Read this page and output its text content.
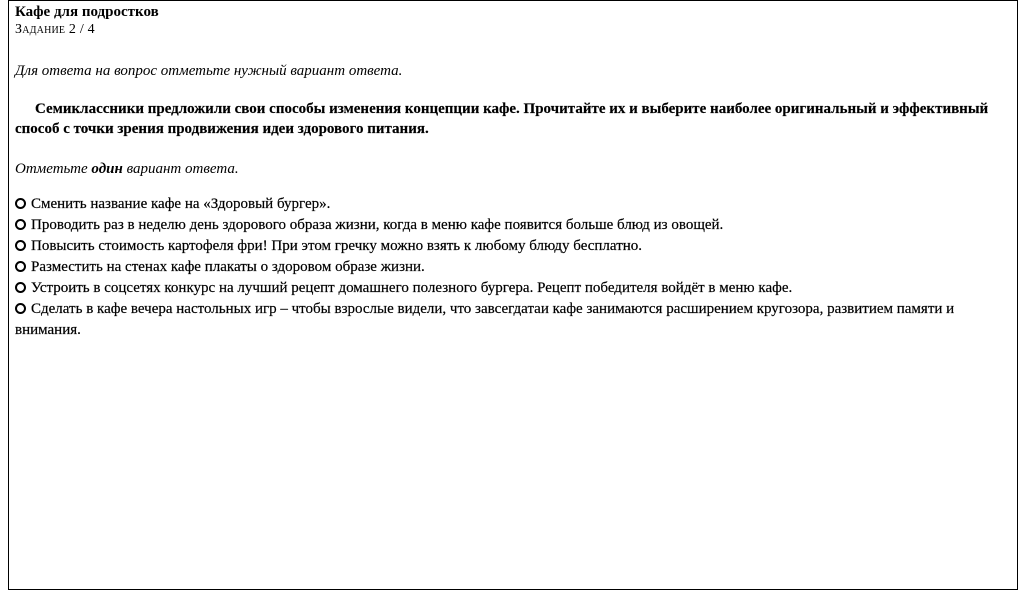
Кафе для подростков

Задание 2 / 4

Для ответа на вопрос отметьте нужный вариант ответа.

Семиклассники предложили свои способы изменения концепции кафе. Прочитайте их и выберите наиболее оригинальный и эффективный способ с точки зрения продвижения идеи здорового питания.

Отметьте один вариант ответа.

Сменить название кафе на «Здоровый бургер».
Проводить раз в неделю день здорового образа жизни, когда в меню кафе появится больше блюд из овощей.
Повысить стоимость картофеля фри! При этом гречку можно взять к любому блюду бесплатно.
Разместить на стенах кафе плакаты о здоровом образе жизни.
Устроить в соцсетях конкурс на лучший рецепт домашнего полезного бургера. Рецепт победителя войдёт в меню кафе.
Сделать в кафе вечера настольных игр – чтобы взрослые видели, что завсегдатаи кафе занимаются расширением кругозора, развитием памяти и внимания.
